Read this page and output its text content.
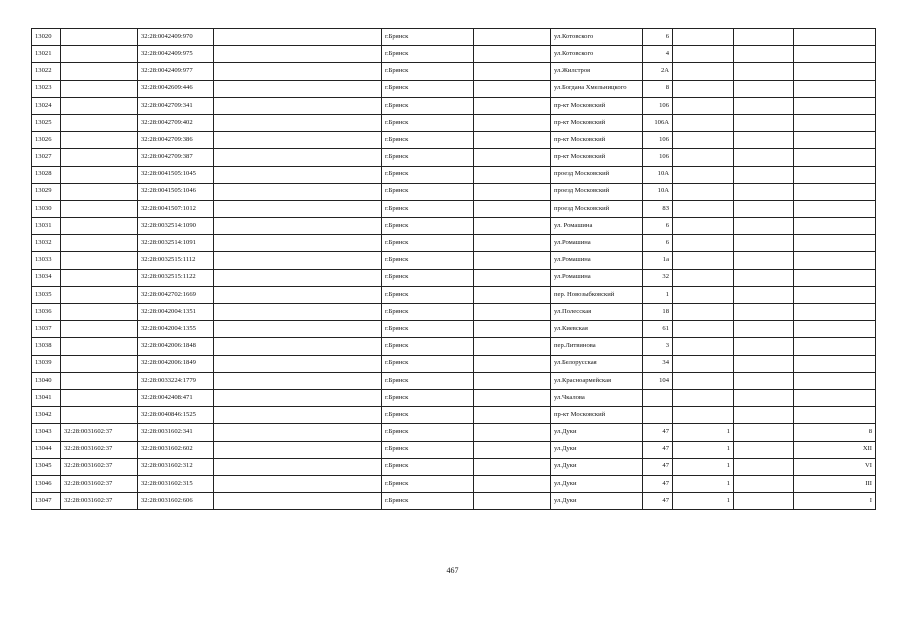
13020		32:28:0042409:970		г.Брянск		ул.Котовского	6			
13021		32:28:0042409:975		г.Брянск		ул.Котовского	4			
13022		32:28:0042409:977		г.Брянск		ул.Жилстроя	2А			
13023		32:28:0042609:446		г.Брянск		ул.Богдана Хмельницкого	8			
13024		32:28:0042709:341		г.Брянск		пр-кт Московский	106			
13025		32:28:0042709:402		г.Брянск		пр-кт Московский	106А			
13026		32:28:0042709:386		г.Брянск		пр-кт Московский	106			
13027		32:28:0042709:387		г.Брянск		пр-кт Московский	106			
13028		32:28:0041505:1045		г.Брянск		проезд Московский	10А			
13029		32:28:0041505:1046		г.Брянск		проезд Московский	10А			
13030		32:28:0041507:1012		г.Брянск		проезд Московский	8З			
13031		32:28:0032514:1090		г.Брянск		ул. Ромашина	6			
13032		32:28:0032514:1091		г.Брянск		ул.Ромашина	6			
13033		32:28:0032515:1112		г.Брянск		ул.Ромашина	1а			
13034		32:28:0032515:1122		г.Брянск		ул.Ромашина	32			
13035		32:28:0042702:1669		г.Брянск		пер. Новозыбковский	1			
13036		32:28:0042004:1351		г.Брянск		ул.Полесская	18			
13037		32:28:0042004:1355		г.Брянск		ул.Киевская	61			
13038		32:28:0042006:1848		г.Брянск		пер.Литвинова	3			
13039		32:28:0042006:1849		г.Брянск		ул.Белорусская	34			
13040		32:28:0033224:1779		г.Брянск		ул.Красноармейская	104			
13041		32:28:0042408:471		г.Брянск		ул.Чкалова				
13042		32:28:0040846:1525		г.Брянск		пр-кт Московский				
13043	32:28:0031602:37	32:28:0031602:341		г.Брянск		ул.Дуки	47	1		8
13044	32:28:0031602:37	32:28:0031602:602		г.Брянск		ул.Дуки	47	1		XII
13045	32:28:0031602:37	32:28:0031602:312		г.Брянск		ул.Дуки	47	1		VI
13046	32:28:0031602:37	32:28:0031602:315		г.Брянск		ул.Дуки	47	1		III
13047	32:28:0031602:37	32:28:0031602:606		г.Брянск		ул.Дуки	47	1		I
467
